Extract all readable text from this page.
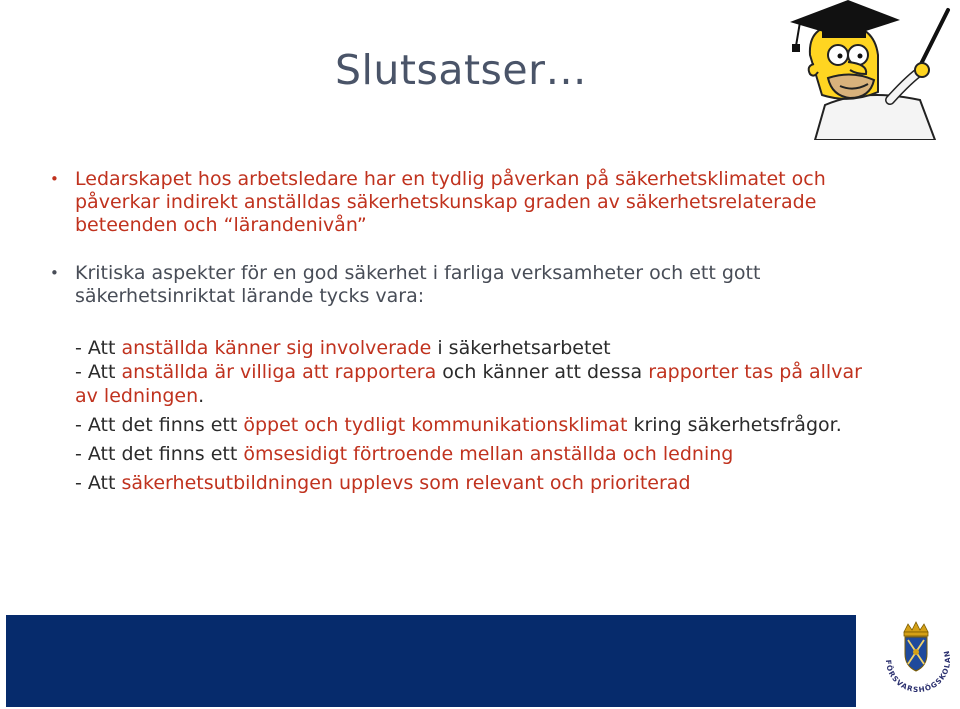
Slutsatser…
• Ledarskapet hos arbetsledare har en tydlig påverkan på säkerhetsklimatet och påverkar indirekt anställdas säkerhetskunskap graden av säkerhetsrelaterade beteenden och “lärandenivån”
• Kritiska aspekter för en god säkerhet i farliga verksamheter och ett gott säkerhetsinriktat lärande tycks vara:
- Att anställda känner sig involverade i säkerhetsarbetet
- Att anställda är villiga att rapportera och känner att dessa rapporter tas på allvar av ledningen.
- Att det finns ett öppet och tydligt kommunikationsklimat kring säkerhetsfrågor.
- Att det finns ett ömsesidigt förtroende mellan anställda och ledning
- Att säkerhetsutbildningen upplevs som relevant och prioriterad
FÖRSVARSHÖGSKOLAN
